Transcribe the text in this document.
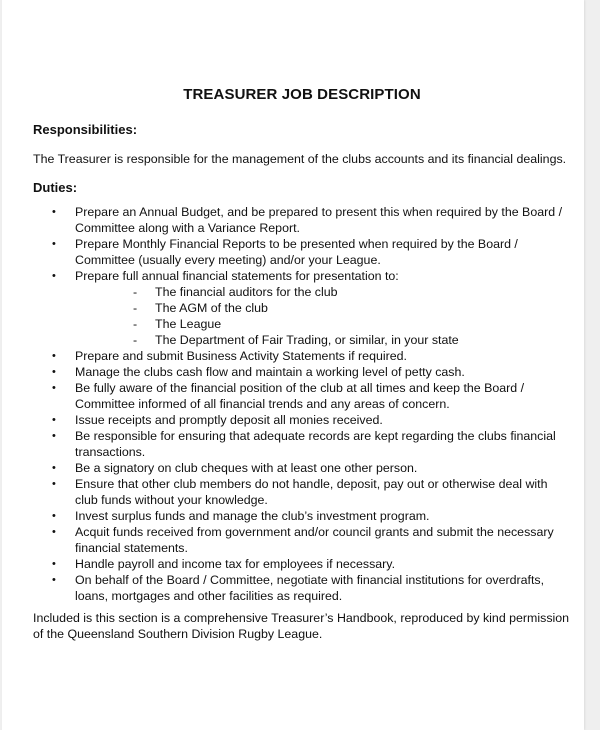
TREASURER JOB DESCRIPTION
Responsibilities:
The Treasurer is responsible for the management of the clubs accounts and its financial dealings.
Duties:
• Prepare an Annual Budget, and be prepared to present this when required by the Board / Committee along with a Variance Report.
• Prepare Monthly Financial Reports to be presented when required by the Board / Committee (usually every meeting) and/or your League.
• Prepare full annual financial statements for presentation to:
- The financial auditors for the club
- The AGM of the club
- The League
- The Department of Fair Trading, or similar, in your state
• Prepare and submit Business Activity Statements if required.
• Manage the clubs cash flow and maintain a working level of petty cash.
• Be fully aware of the financial position of the club at all times and keep the Board / Committee informed of all financial trends and any areas of concern.
• Issue receipts and promptly deposit all monies received.
• Be responsible for ensuring that adequate records are kept regarding the clubs financial transactions.
• Be a signatory on club cheques with at least one other person.
• Ensure that other club members do not handle, deposit, pay out or otherwise deal with club funds without your knowledge.
• Invest surplus funds and manage the club’s investment program.
• Acquit funds received from government and/or council grants and submit the necessary financial statements.
• Handle payroll and income tax for employees if necessary.
• On behalf of the Board / Committee, negotiate with financial institutions for overdrafts, loans, mortgages and other facilities as required.
Included is this section is a comprehensive Treasurer’s Handbook, reproduced by kind permission of the Queensland Southern Division Rugby League.
